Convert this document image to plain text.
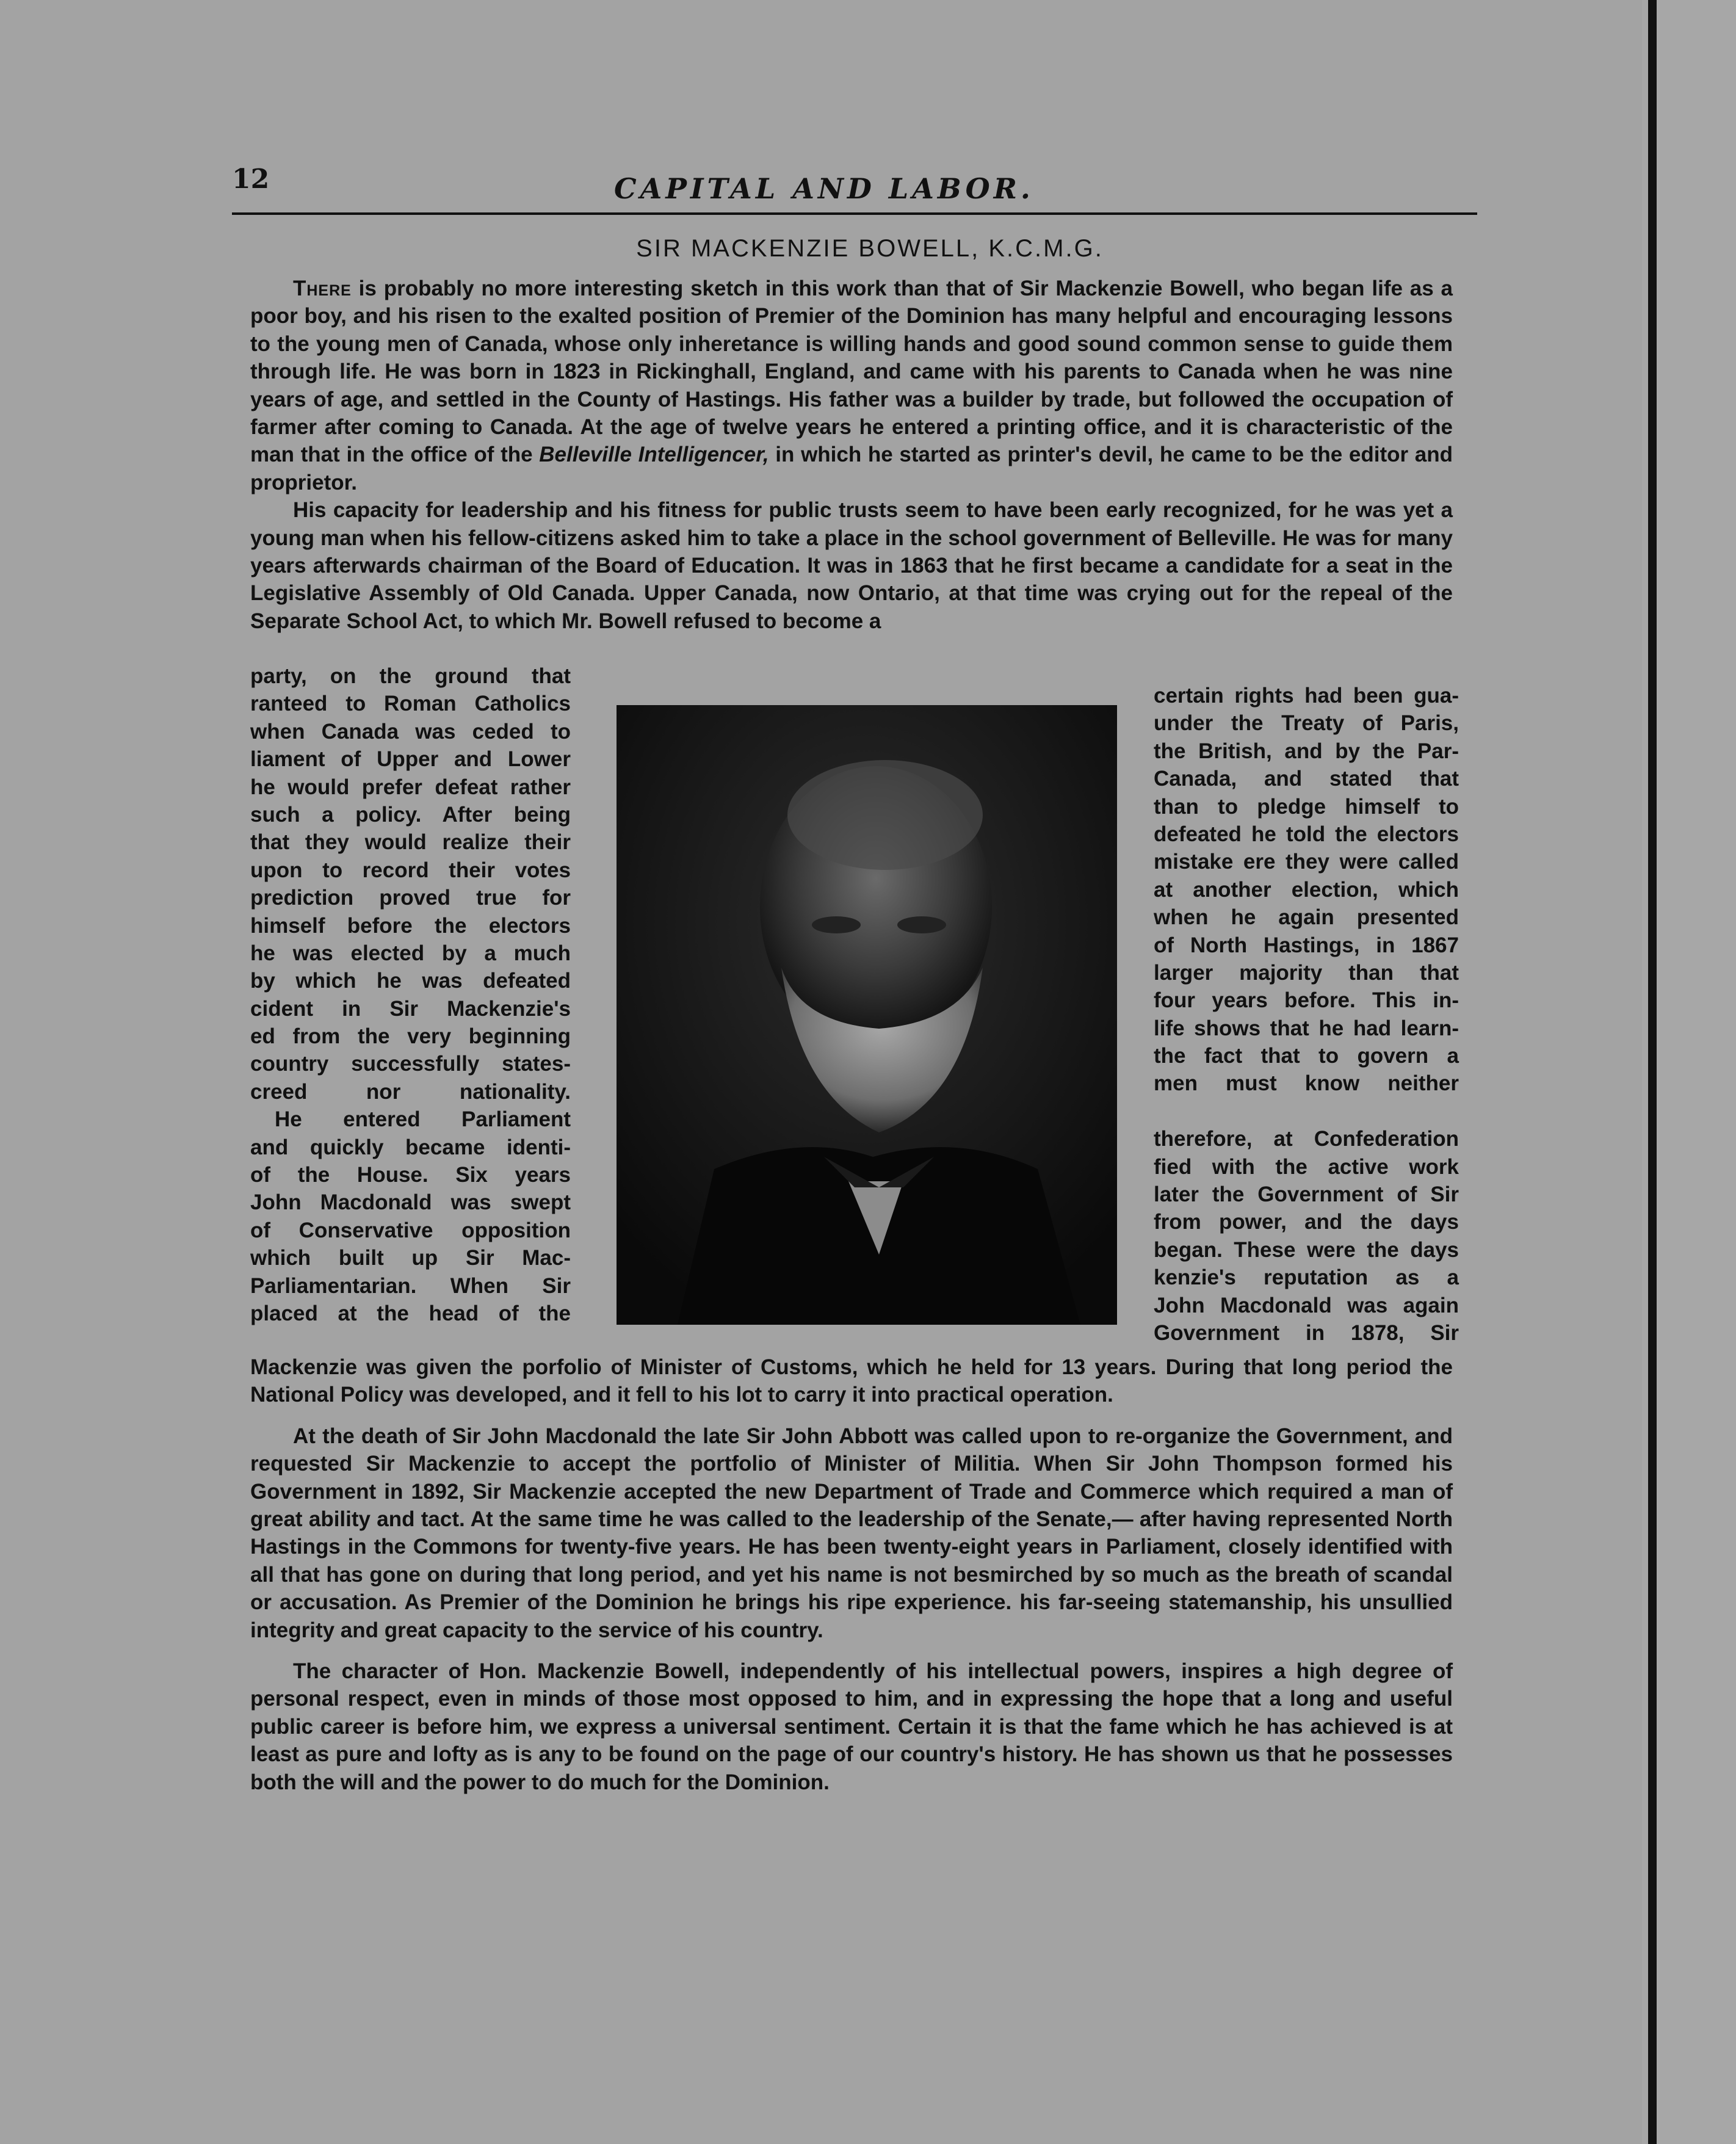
12	CAPITAL AND LABOR.
SIR MACKENZIE BOWELL, K.C.M.G.

There is probably no more interesting sketch in this work than that of Sir Mackenzie Bowell, who began life as a poor boy, and his risen to the exalted position of Premier of the Dominion has many helpful and encouraging lessons to the young men of Canada, whose only inheretance is willing hands and good sound common sense to guide them through life. He was born in 1823 in Rickinghall, England, and came with his parents to Canada when he was nine years of age, and settled in the County of Hastings. His father was a builder by trade, but followed the occupation of farmer after coming to Canada. At the age of twelve years he entered a printing office, and it is characteristic of the man that in the office of the Belleville Intelligencer, in which he started as printer's devil, he came to be the editor and proprietor.

His capacity for leadership and his fitness for public trusts seem to have been early recognized, for he was yet a young man when his fellow-citizens asked him to take a place in the school government of Belleville. He was for many years afterwards chairman of the Board of Education. It was in 1863 that he first became a candidate for a seat in the Legislative Assembly of Old Canada. Upper Canada, now Ontario, at that time was crying out for the repeal of the Separate School Act, to which Mr. Bowell refused to become a

party, on the ground that
ranteed to Roman Catholics
when Canada was ceded to
liament of Upper and Lower
he would prefer defeat rather
such a policy. After being
that they would realize their
upon to record their votes
prediction proved true for
himself before the electors
he was elected by a much
by which he was defeated
cident in Sir Mackenzie's
ed from the very beginning
country successfully states-
creed nor nationality.
He entered Parliament
and quickly became identi-
of the House. Six years
John Macdonald was swept
of Conservative opposition
which built up Sir Mac-
Parliamentarian. When Sir
placed at the head of the
certain rights had been gua-
under the Treaty of Paris,
the British, and by the Par-
Canada, and stated that
than to pledge himself to
defeated he told the electors
mistake ere they were called
at another election, which
when he again presented
of North Hastings, in 1867
larger majority than that
four years before. This in-
life shows that he had learn-
the fact that to govern a
men must know neither
therefore, at Confederation
fied with the active work
later the Government of Sir
from power, and the days
began. These were the days
kenzie's reputation as a
John Macdonald was again
Government in 1878, Sir

Mackenzie was given the porfolio of Minister of Customs, which he held for 13 years. During that long period the National Policy was developed, and it fell to his lot to carry it into practical operation.

At the death of Sir John Macdonald the late Sir John Abbott was called upon to re-organize the Government, and requested Sir Mackenzie to accept the portfolio of Minister of Militia. When Sir John Thompson formed his Government in 1892, Sir Mackenzie accepted the new Department of Trade and Commerce which required a man of great ability and tact. At the same time he was called to the leadership of the Senate,— after having represented North Hastings in the Commons for twenty-five years. He has been twenty-eight years in Parliament, closely identified with all that has gone on during that long period, and yet his name is not besmirched by so much as the breath of scandal or accusation. As Premier of the Dominion he brings his ripe experience. his far-seeing statemanship, his unsullied integrity and great capacity to the service of his country.

The character of Hon. Mackenzie Bowell, independently of his intellectual powers, inspires a high degree of personal respect, even in minds of those most opposed to him, and in expressing the hope that a long and useful public career is before him, we express a universal sentiment. Certain it is that the fame which he has achieved is at least as pure and lofty as is any to be found on the page of our country's history. He has shown us that he possesses both the will and the power to do much for the Dominion.
